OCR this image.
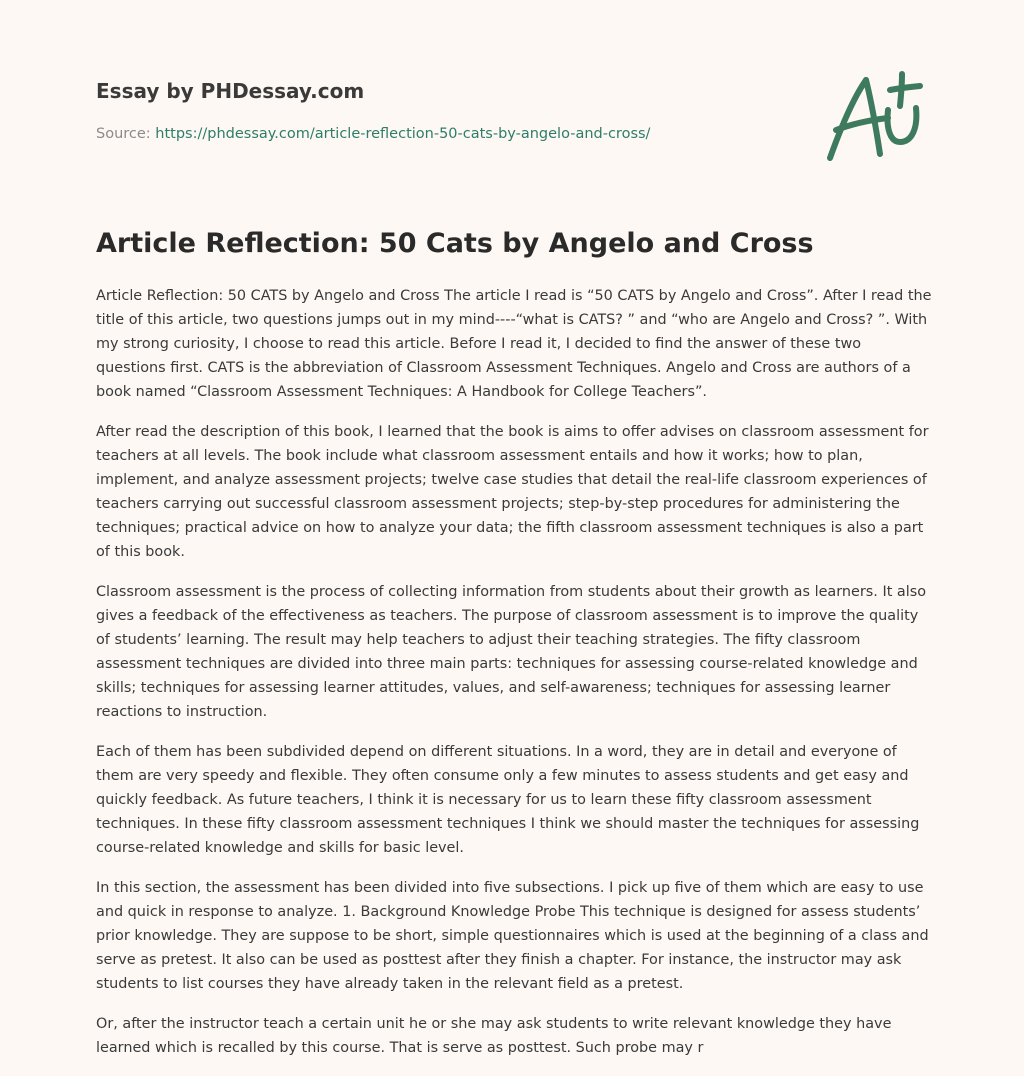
Essay by PHDessay.com
Source: https://phdessay.com/article-reflection-50-cats-by-angelo-and-cross/
Article Reflection: 50 Cats by Angelo and Cross

Article Reflection: 50 CATS by Angelo and Cross The article I read is “50 CATS by Angelo and Cross”. After I read the title of this article, two questions jumps out in my mind----“what is CATS? ” and “who are Angelo and Cross? ”. With my strong curiosity, I choose to read this article. Before I read it, I decided to find the answer of these two questions first. CATS is the abbreviation of Classroom Assessment Techniques. Angelo and Cross are authors of a book named “Classroom Assessment Techniques: A Handbook for College Teachers”.

After read the description of this book, I learned that the book is aims to offer advises on classroom assessment for teachers at all levels. The book include what classroom assessment entails and how it works; how to plan, implement, and analyze assessment projects; twelve case studies that detail the real-life classroom experiences of teachers carrying out successful classroom assessment projects; step-by-step procedures for administering the techniques; practical advice on how to analyze your data; the fifth classroom assessment techniques is also a part of this book.

Classroom assessment is the process of collecting information from students about their growth as learners. It also gives a feedback of the effectiveness as teachers. The purpose of classroom assessment is to improve the quality of students’ learning. The result may help teachers to adjust their teaching strategies. The fifty classroom assessment techniques are divided into three main parts: techniques for assessing course-related knowledge and skills; techniques for assessing learner attitudes, values, and self-awareness; techniques for assessing learner reactions to instruction.

Each of them has been subdivided depend on different situations. In a word, they are in detail and everyone of them are very speedy and flexible. They often consume only a few minutes to assess students and get easy and quickly feedback. As future teachers, I think it is necessary for us to learn these fifty classroom assessment techniques. In these fifty classroom assessment techniques I think we should master the techniques for assessing course-related knowledge and skills for basic level.

In this section, the assessment has been divided into five subsections. I pick up five of them which are easy to use and quick in response to analyze. 1. Background Knowledge Probe This technique is designed for assess students’ prior knowledge. They are suppose to be short, simple questionnaires which is used at the beginning of a class and serve as pretest. It also can be used as posttest after they finish a chapter. For instance, the instructor may ask students to list courses they have already taken in the relevant field as a pretest.

Or, after the instructor teach a certain unit he or she may ask students to write relevant knowledge they have learned which is recalled by this course. That is serve as posttest. Such probe may r
